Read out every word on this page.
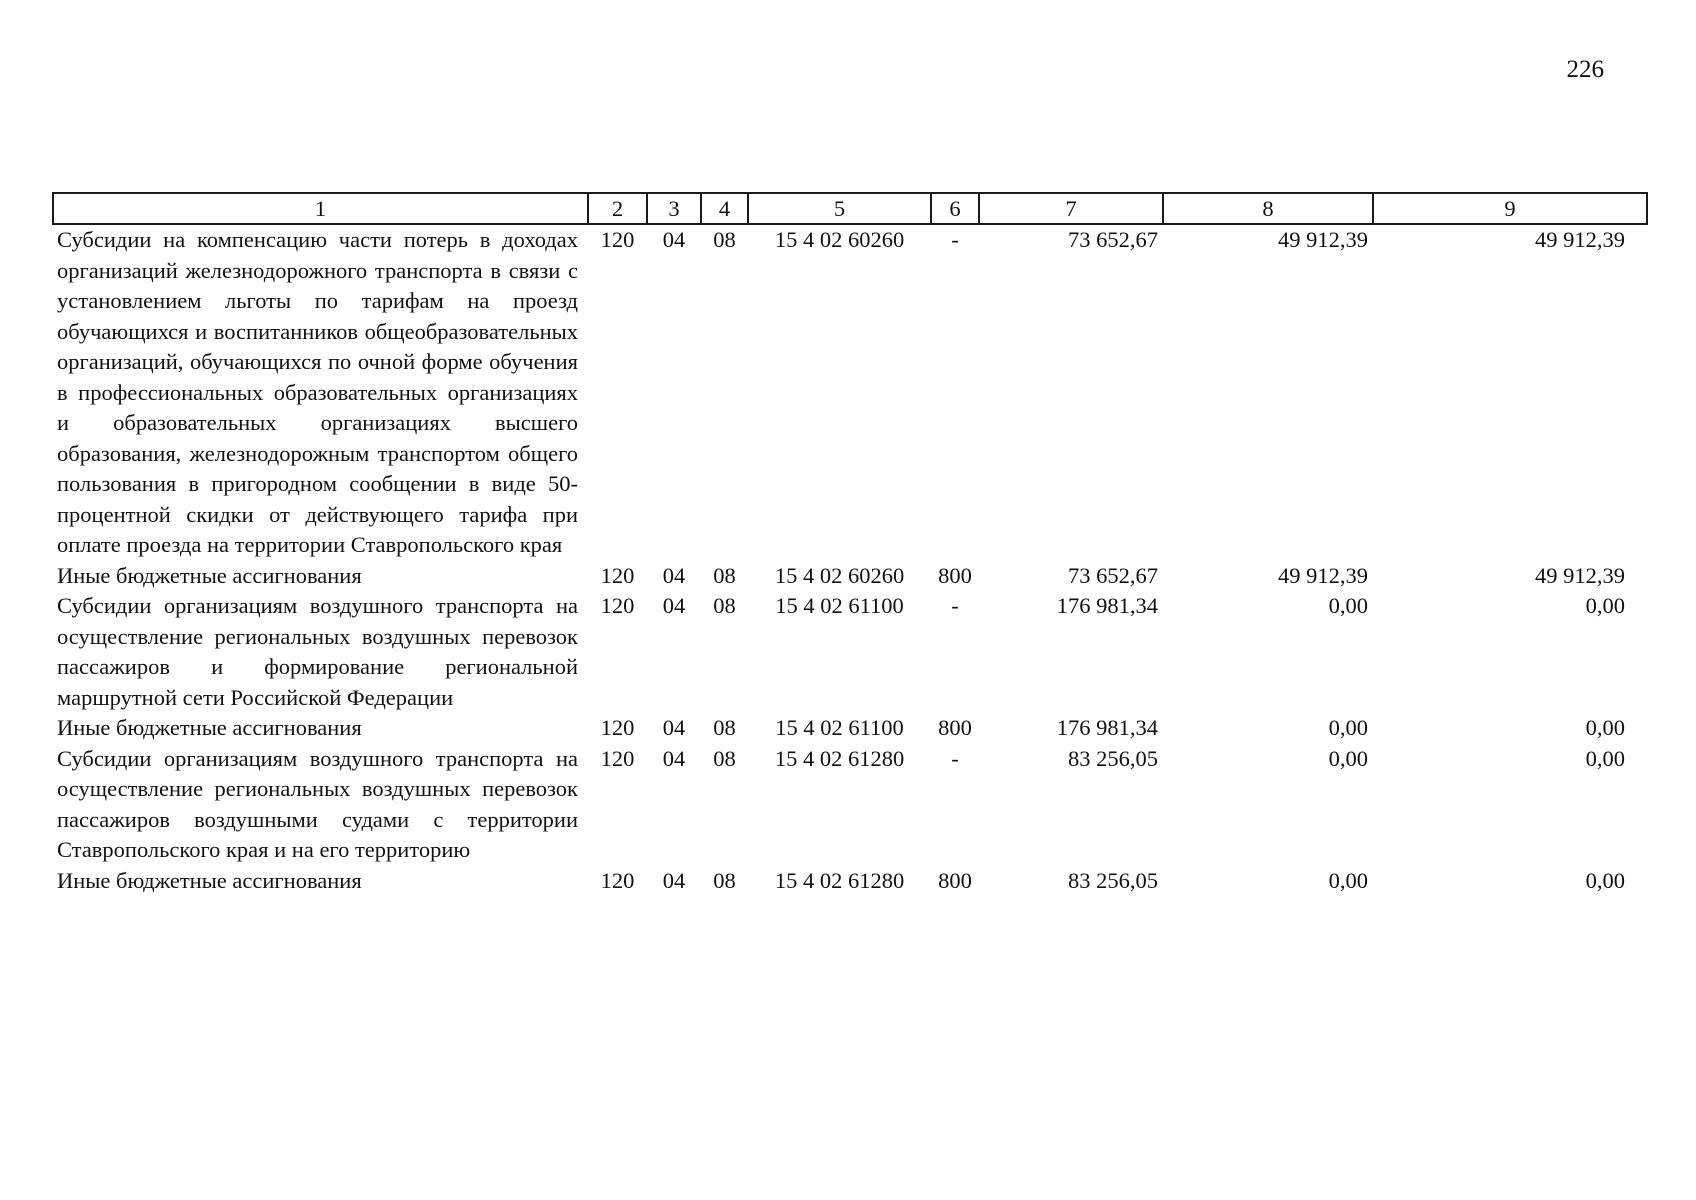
226
1	2	3	4	5	6	7	8	9
Субсидии на компенсацию части потерь в доходах организаций железнодорожного транспорта в связи с установлением льготы по тарифам на проезд обучающихся и воспитанников общеобразовательных организаций, обучающихся по очной форме обучения в профессиональных образовательных организациях и образовательных организациях высшего образования, железнодорожным транспортом общего пользования в пригородном сообщении в виде 50-процентной скидки от действующего тарифа при оплате проезда на территории Ставропольского края	120	04	08	15 4 02 60260	-	73 652,67	49 912,39	49 912,39
Иные бюджетные ассигнования	120	04	08	15 4 02 60260	800	73 652,67	49 912,39	49 912,39
Субсидии организациям воздушного транспорта на осуществление региональных воздушных перевозок пассажиров и формирование региональной маршрутной сети Российской Федерации	120	04	08	15 4 02 61100	-	176 981,34	0,00	0,00
Иные бюджетные ассигнования	120	04	08	15 4 02 61100	800	176 981,34	0,00	0,00
Субсидии организациям воздушного транспорта на осуществление региональных воздушных перевозок пассажиров воздушными судами с территории Ставропольского края и на его территорию	120	04	08	15 4 02 61280	-	83 256,05	0,00	0,00
Иные бюджетные ассигнования	120	04	08	15 4 02 61280	800	83 256,05	0,00	0,00
